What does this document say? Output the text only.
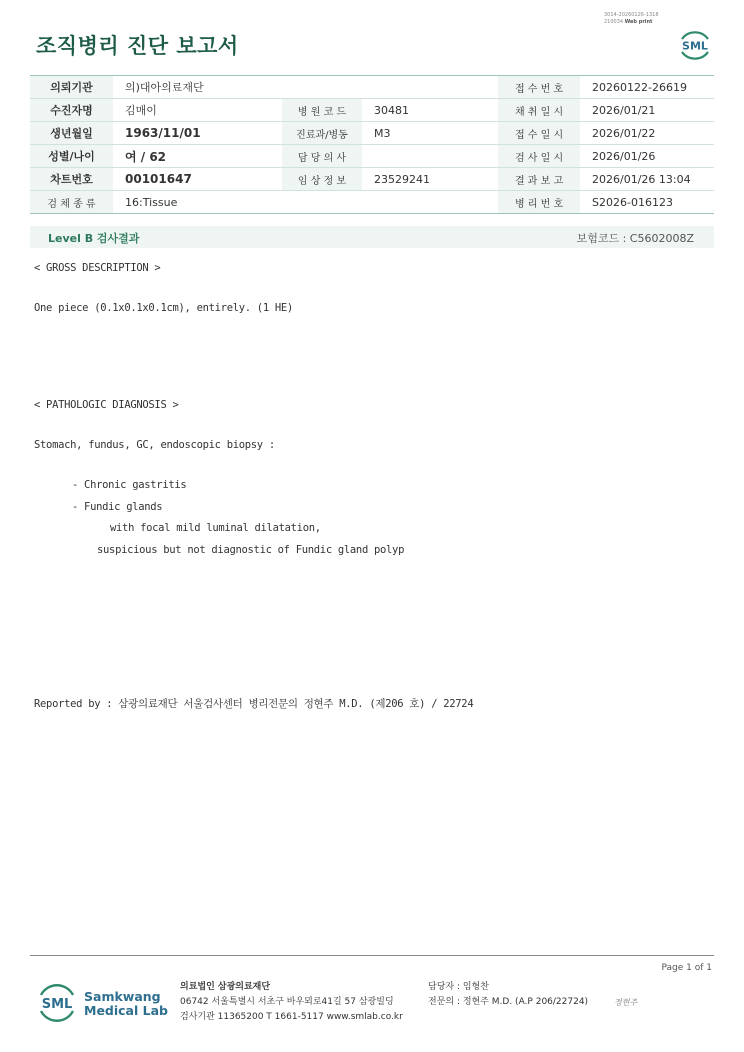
3014-20260126-1318
210034 Web print
조직병리 진단 보고서	SML
의뢰기관	의)대아의료재단			접 수 번 호	20260122-26619
수진자명	김매이	병 원 코 드	30481	채 취 일 시	2026/01/21
생년월일	1963/11/01	진료과/병동	M3	접 수 일 시	2026/01/22
성별/나이	여 / 62	담 당 의 사		검 사 일 시	2026/01/26
차트번호	00101647	임 상 정 보	23529241	결 과 보 고	2026/01/26 13:04
검 체 종 류	16:Tissue			병 리 번 호	S2026-016123
Level B 검사결과	보험코드 : C5602008Z
< GROSS DESCRIPTION >
One piece (0.1x0.1x0.1cm), entirely. (1 HE)
< PATHOLOGIC DIAGNOSIS >
Stomach, fundus, GC, endoscopic biopsy :
- Chronic gastritis
- Fundic glands
with focal mild luminal dilatation,
suspicious but not diagnostic of Fundic gland polyp
Reported by : 삼광의료재단 서울검사센터 병리전문의 정현주 M.D. (제206 호) / 22724
Page 1 of 1
SML
Samkwang
Medical Lab
의료법인 삼광의료재단
06742 서울특별시 서초구 바우뫼로41길 57 삼광빌딩
검사기관 11365200 T 1661-5117 www.smlab.co.kr
담당자 : 임형찬
전문의 : 정현주 M.D. (A.P 206/22724)	정현주
